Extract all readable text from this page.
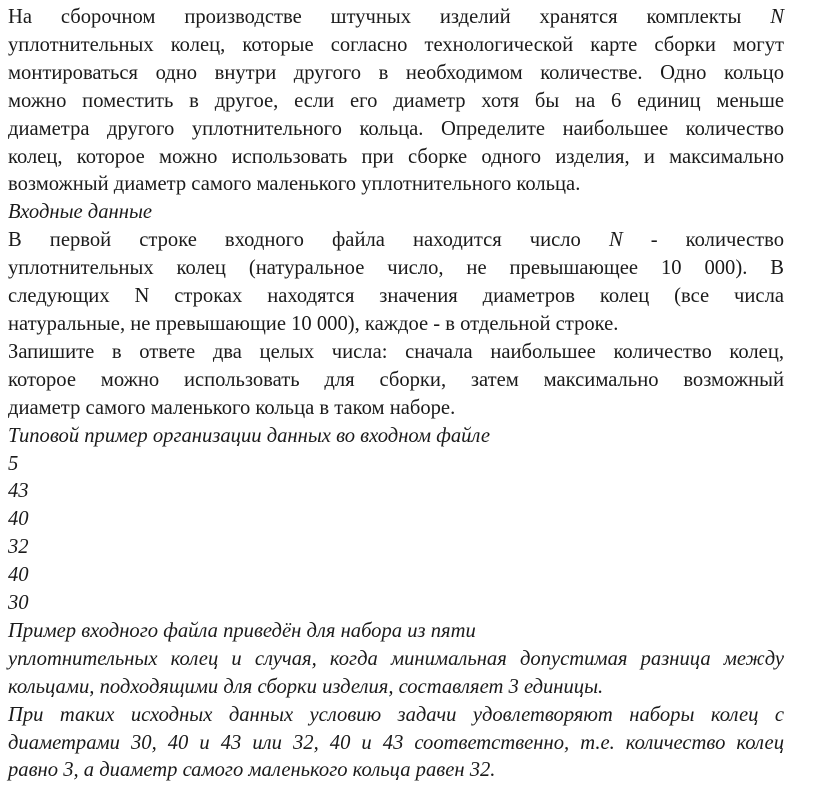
На сборочном производстве штучных изделий хранятся комплекты N
уплотнительных колец, которые согласно технологической карте сборки могут
монтироваться одно внутри другого в необходимом количестве. Одно кольцо
можно поместить в другое, если его диаметр хотя бы на 6 единиц меньше
диаметра другого уплотнительного кольца. Определите наибольшее количество
колец, которое можно использовать при сборке одного изделия, и максимально
возможный диаметр самого маленького уплотнительного кольца.

Входные данные

В первой строке входного файла находится число N - количество
уплотнительных колец (натуральное число, не превышающее 10 000). В
следующих N строках находятся значения диаметров колец (все числа
натуральные, не превышающие 10 000), каждое - в отдельной строке.

Запишите в ответе два целых числа: сначала наибольшее количество колец,
которое можно использовать для сборки, затем максимально возможный
диаметр самого маленького кольца в таком наборе.

Типовой пример организации данных во входном файле

5
43
40
32
40
30

Пример входного файла приведён для набора из пяти
уплотнительных колец и случая, когда минимальная допустимая разница между
кольцами, подходящими для сборки изделия, составляет 3 единицы.
При таких исходных данных условию задачи удовлетворяют наборы колец с
диаметрами 30, 40 и 43 или 32, 40 и 43 соответственно, т.е. количество колец
равно 3, а диаметр самого маленького кольца равен 32.
